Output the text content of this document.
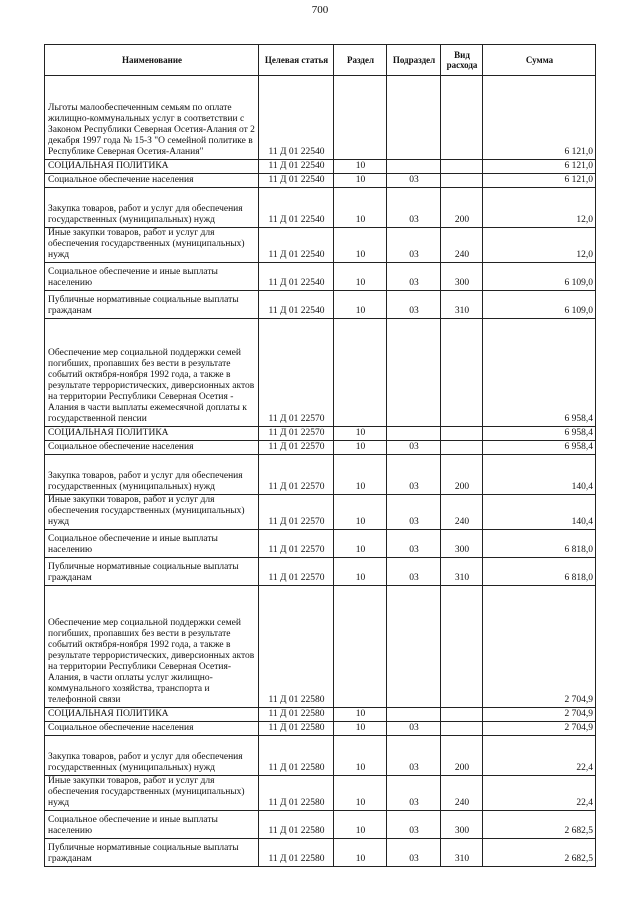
700
Наименование	Целевая статья	Раздел	Подраздел	Вид расхода	Сумма
Льготы малообеспеченным семьям по оплате жилищно-коммунальных услуг в соответствии с Законом Республики Северная Осетия-Алания от 2 декабря 1997 года № 15-З "О семейной политике в Республике Северная Осетия-Алания"	11 Д 01 22540				6 121,0
СОЦИАЛЬНАЯ ПОЛИТИКА	11 Д 01 22540	10			6 121,0
Социальное обеспечение населения	11 Д 01 22540	10	03		6 121,0
Закупка товаров, работ и услуг для обеспечения государственных (муниципальных) нужд	11 Д 01 22540	10	03	200	12,0
Иные закупки товаров, работ и услуг для обеспечения государственных (муниципальных) нужд	11 Д 01 22540	10	03	240	12,0
Социальное обеспечение и иные выплаты населению	11 Д 01 22540	10	03	300	6 109,0
Публичные нормативные социальные выплаты гражданам	11 Д 01 22540	10	03	310	6 109,0
Обеспечение мер социальной поддержки семей погибших, пропавших без вести в результате событий октября-ноября 1992 года, а также в результате террористических, диверсионных актов на территории Республики Северная Осетия - Алания в части выплаты ежемесячной доплаты к государственной пенсии	11 Д 01 22570				6 958,4
СОЦИАЛЬНАЯ ПОЛИТИКА	11 Д 01 22570	10			6 958,4
Социальное обеспечение населения	11 Д 01 22570	10	03		6 958,4
Закупка товаров, работ и услуг для обеспечения государственных (муниципальных) нужд	11 Д 01 22570	10	03	200	140,4
Иные закупки товаров, работ и услуг для обеспечения государственных (муниципальных) нужд	11 Д 01 22570	10	03	240	140,4
Социальное обеспечение и иные выплаты населению	11 Д 01 22570	10	03	300	6 818,0
Публичные нормативные социальные выплаты гражданам	11 Д 01 22570	10	03	310	6 818,0
Обеспечение мер социальной поддержки семей погибших, пропавших без вести в результате событий октября-ноября 1992 года, а также в результате террористических, диверсионных актов на территории Республики Северная Осетия-Алания, в части оплаты услуг жилищно-коммунального хозяйства, транспорта и телефонной связи	11 Д 01 22580				2 704,9
СОЦИАЛЬНАЯ ПОЛИТИКА	11 Д 01 22580	10			2 704,9
Социальное обеспечение населения	11 Д 01 22580	10	03		2 704,9
Закупка товаров, работ и услуг для обеспечения государственных (муниципальных) нужд	11 Д 01 22580	10	03	200	22,4
Иные закупки товаров, работ и услуг для обеспечения государственных (муниципальных) нужд	11 Д 01 22580	10	03	240	22,4
Социальное обеспечение и иные выплаты населению	11 Д 01 22580	10	03	300	2 682,5
Публичные нормативные социальные выплаты гражданам	11 Д 01 22580	10	03	310	2 682,5
